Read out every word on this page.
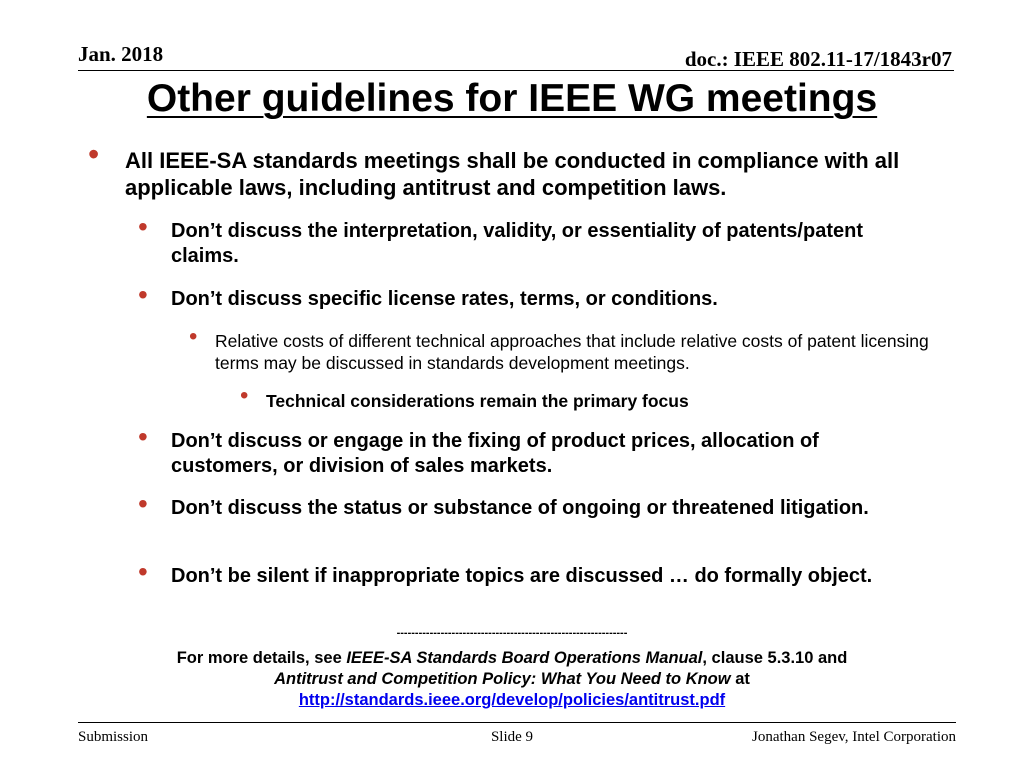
Jan. 2018	doc.: IEEE 802.11-17/1843r07
Other guidelines for IEEE WG meetings
• All IEEE-SA standards meetings shall be conducted in compliance with all applicable laws, including antitrust and competition laws.
• Don’t discuss the interpretation, validity, or essentiality of patents/patent claims.
• Don’t discuss specific license rates, terms, or conditions.
• Relative costs of different technical approaches that include relative costs of patent licensing terms may be discussed in standards development meetings.
• Technical considerations remain the primary focus
• Don’t discuss or engage in the fixing of product prices, allocation of customers, or division of sales markets.
• Don’t discuss the status or substance of ongoing or threatened litigation.
• Don’t be silent if inappropriate topics are discussed … do formally object.
---------------------------------------------------------------
For more details, see IEEE-SA Standards Board Operations Manual, clause 5.3.10 and
Antitrust and Competition Policy: What You Need to Know at
http://standards.ieee.org/develop/policies/antitrust.pdf
Submission	Slide 9	Jonathan Segev, Intel Corporation
